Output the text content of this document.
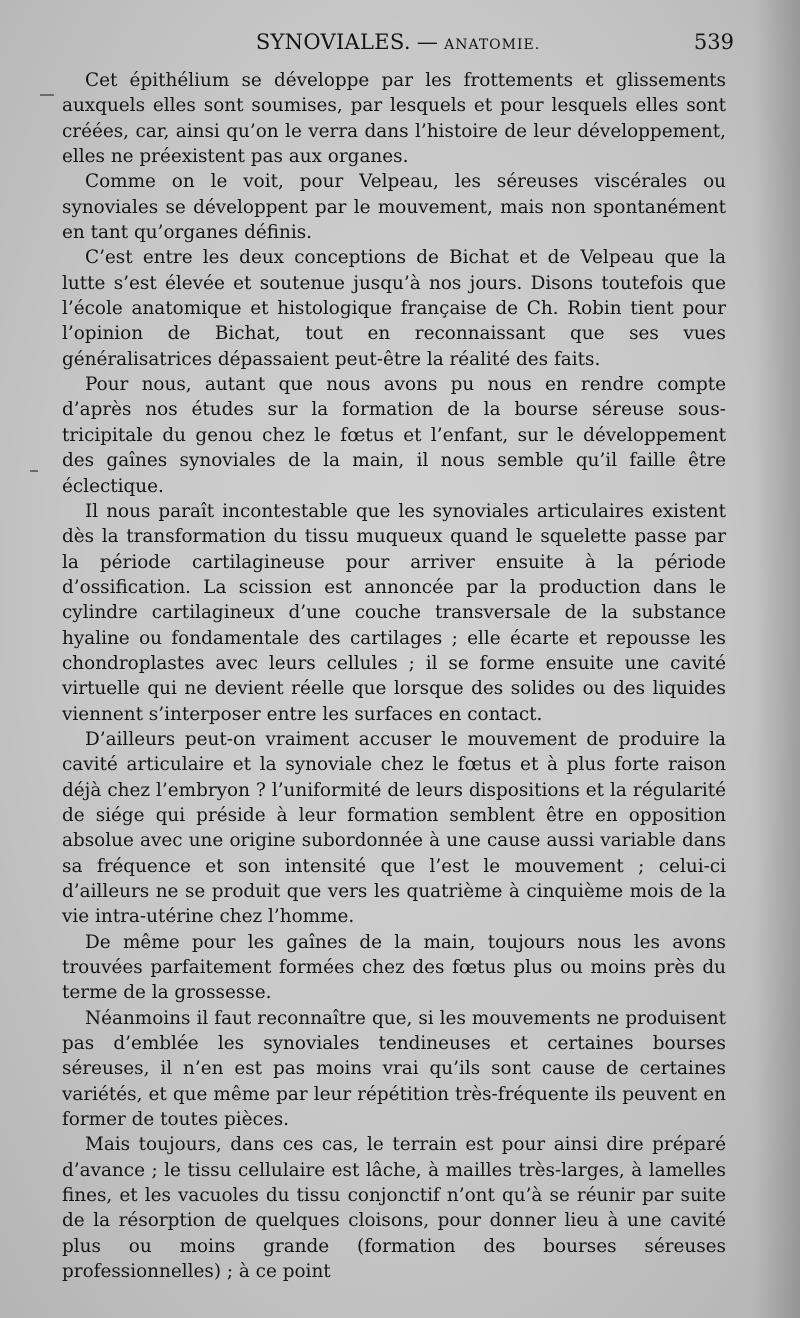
SYNOVIALES. — ANATOMIE.	539

Cet épithélium se développe par les frottements et glissements auxquels elles sont soumises, par lesquels et pour lesquels elles sont créées, car, ainsi qu’on le verra dans l’histoire de leur développement, elles ne préexistent pas aux organes.

Comme on le voit, pour Velpeau, les séreuses viscérales ou synoviales se développent par le mouvement, mais non spontanément en tant qu’organes définis.

C’est entre les deux conceptions de Bichat et de Velpeau que la lutte s’est élevée et soutenue jusqu’à nos jours. Disons toutefois que l’école anatomique et histologique française de Ch. Robin tient pour l’opinion de Bichat, tout en reconnaissant que ses vues généralisatrices dépassaient peut-être la réalité des faits.

Pour nous, autant que nous avons pu nous en rendre compte d’après nos études sur la formation de la bourse séreuse sous-tricipitale du genou chez le fœtus et l’enfant, sur le développement des gaînes synoviales de la main, il nous semble qu’il faille être éclectique.

Il nous paraît incontestable que les synoviales articulaires existent dès la transformation du tissu muqueux quand le squelette passe par la période cartilagineuse pour arriver ensuite à la période d’ossification. La scission est annoncée par la production dans le cylindre cartilagineux d’une couche transversale de la substance hyaline ou fondamentale des cartilages ; elle écarte et repousse les chondroplastes avec leurs cellules ; il se forme ensuite une cavité virtuelle qui ne devient réelle que lorsque des solides ou des liquides viennent s’interposer entre les surfaces en contact.

D’ailleurs peut-on vraiment accuser le mouvement de produire la cavité articulaire et la synoviale chez le fœtus et à plus forte raison déjà chez l’embryon ? l’uniformité de leurs dispositions et la régularité de siége qui préside à leur formation semblent être en opposition absolue avec une origine subordonnée à une cause aussi variable dans sa fréquence et son intensité que l’est le mouvement ; celui-ci d’ailleurs ne se produit que vers les quatrième à cinquième mois de la vie intra-utérine chez l’homme.

De même pour les gaînes de la main, toujours nous les avons trouvées parfaitement formées chez des fœtus plus ou moins près du terme de la grossesse.

Néanmoins il faut reconnaître que, si les mouvements ne produisent pas d’emblée les synoviales tendineuses et certaines bourses séreuses, il n’en est pas moins vrai qu’ils sont cause de certaines variétés, et que même par leur répétition très-fréquente ils peuvent en former de toutes pièces.

Mais toujours, dans ces cas, le terrain est pour ainsi dire préparé d’avance ; le tissu cellulaire est lâche, à mailles très-larges, à lamelles fines, et les vacuoles du tissu conjonctif n’ont qu’à se réunir par suite de la résorption de quelques cloisons, pour donner lieu à une cavité plus ou moins grande (formation des bourses séreuses professionnelles) ; à ce point
